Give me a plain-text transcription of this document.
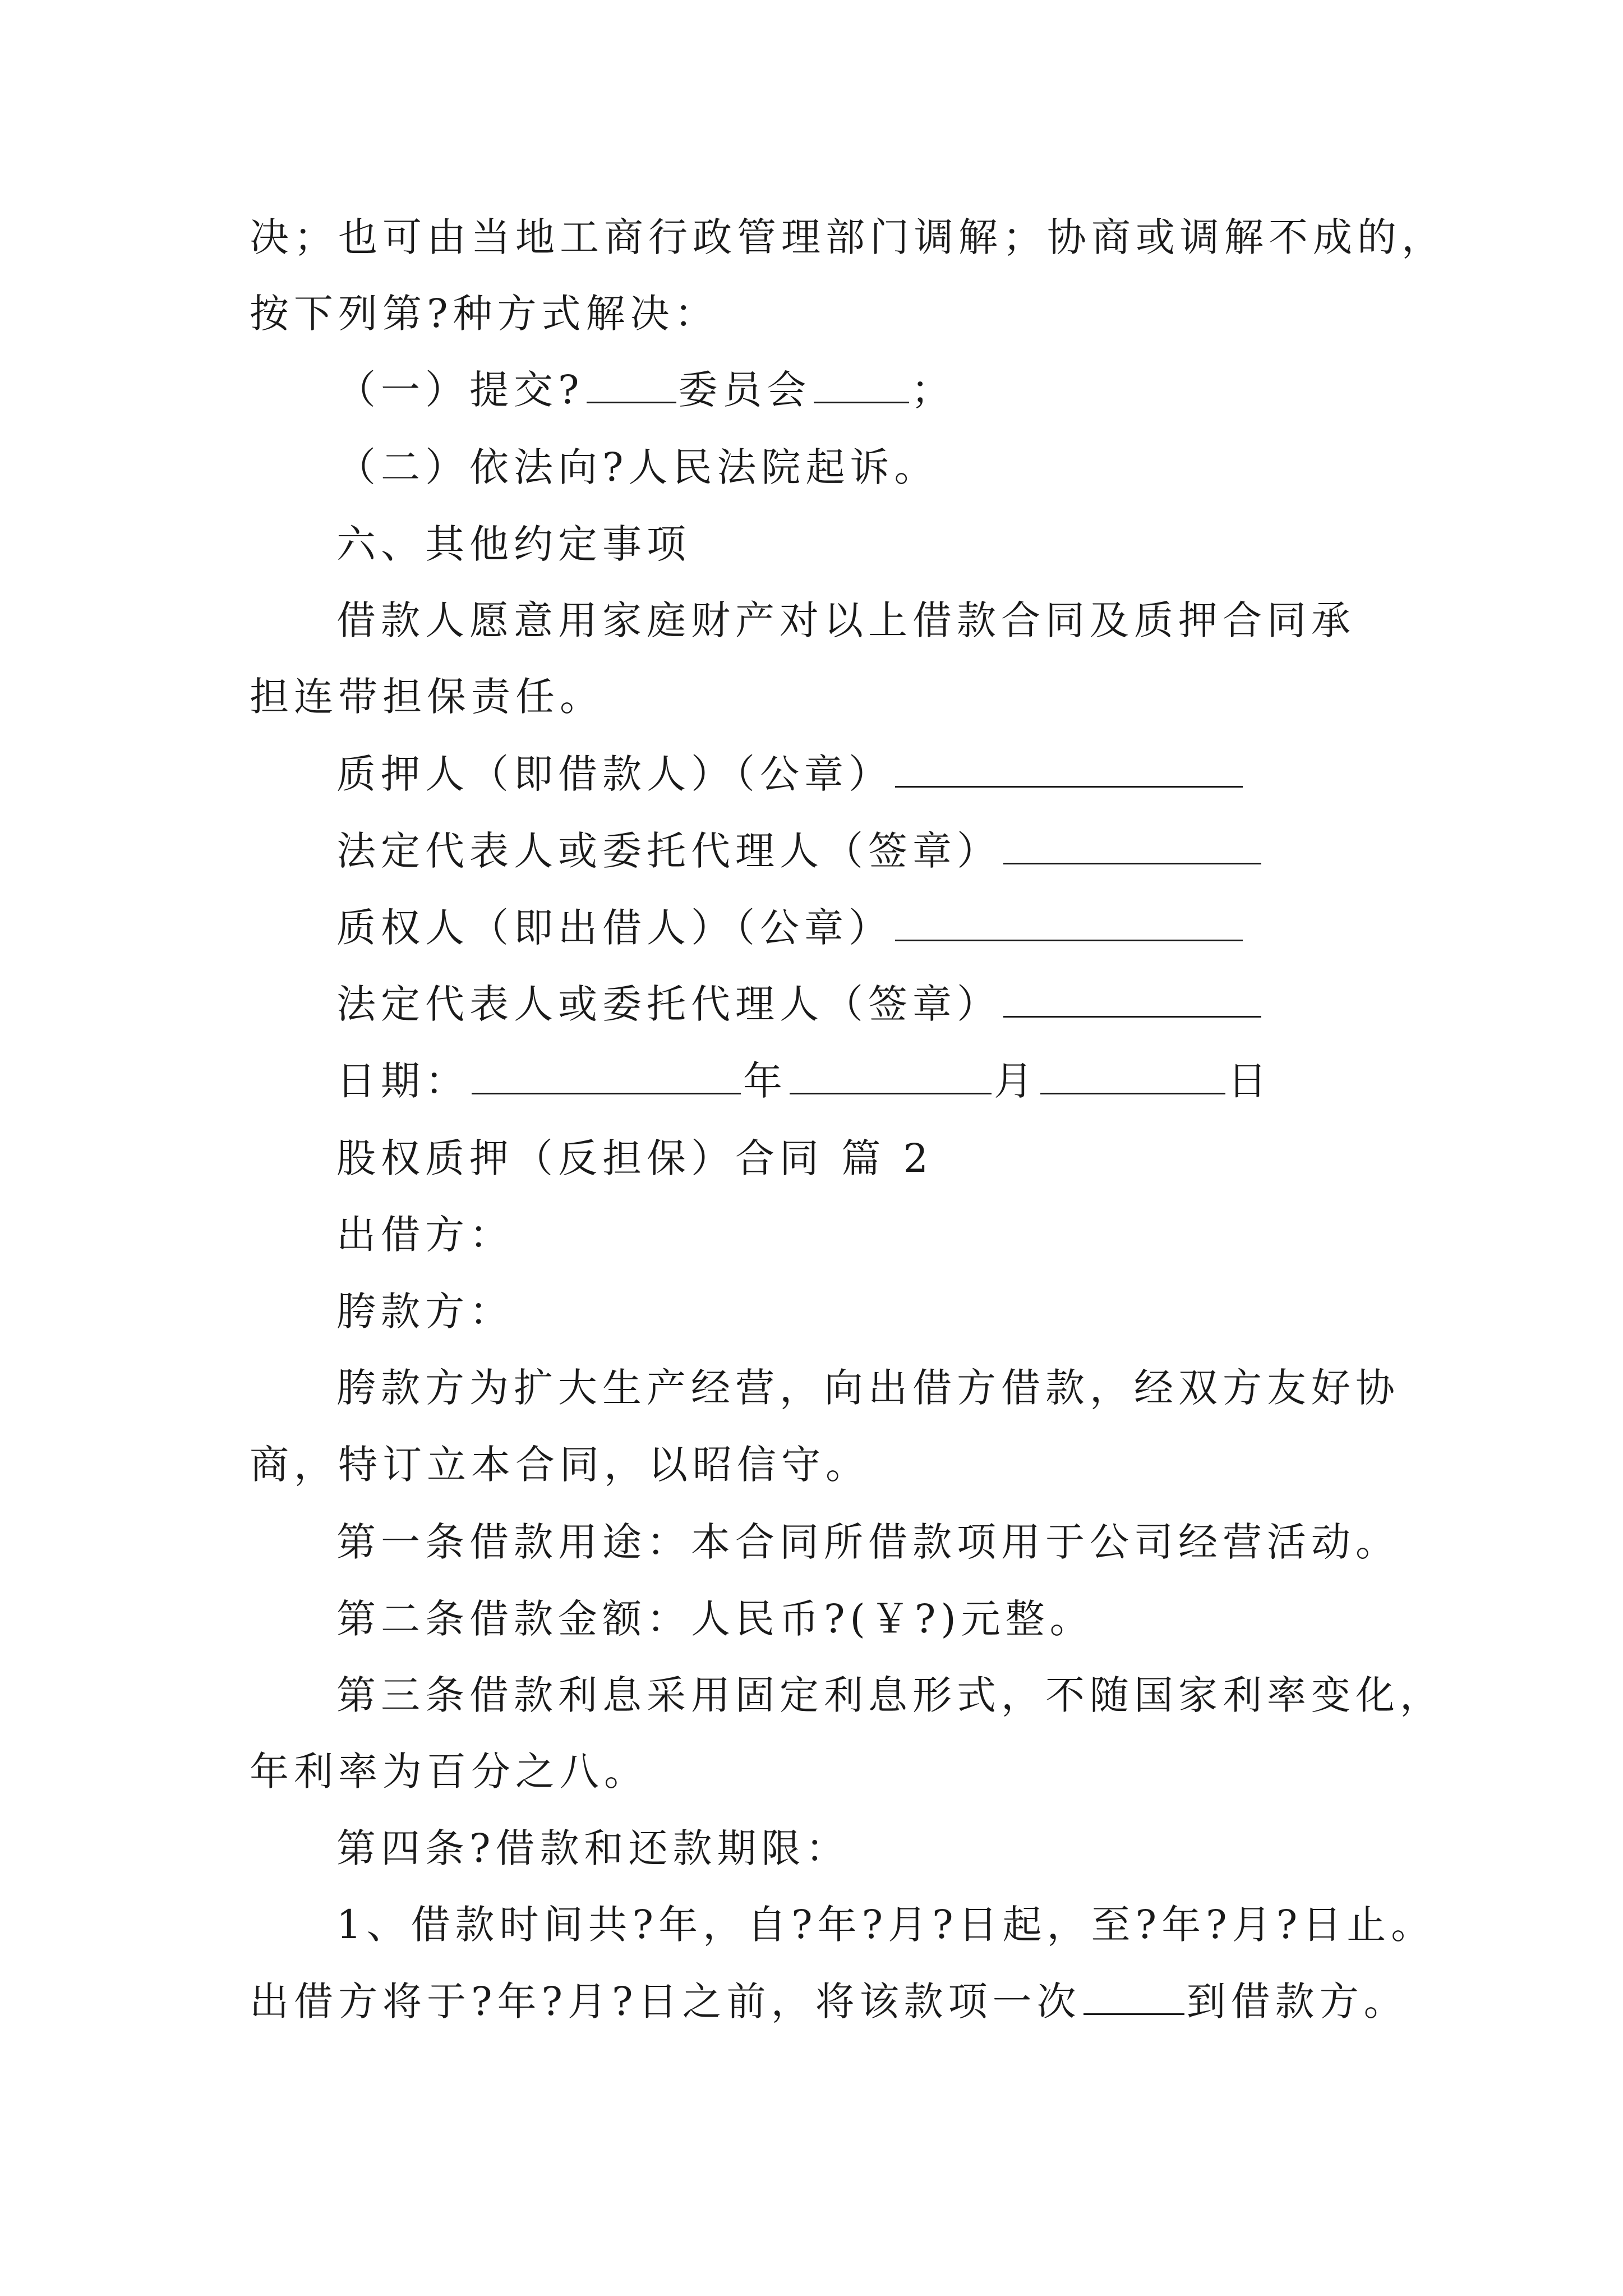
决；也可由当地工商行政管理部门调解；协商或调解不成的，
按下列第?种方式解决：
（一）提交? 委员会	；
（二）依法向?人民法院起诉。
六、其他约定事项
借款人愿意用家庭财产对以上借款合同及质押合同承
担连带担保责任。
质押人（即借款人）（公章）
法定代表人或委托代理人（签章）
质权人（即出借人）（公章）
法定代表人或委托代理人（签章）
日期：	年	月	日
股权质押（反担保）合同 篇 2
出借方：
胯款方：
胯款方为扩大生产经营，向出借方借款，经双方友好协
商，特订立本合同，以昭信守。
第一条借款用途：本合同所借款项用于公司经营活动。
第二条借款金额：人民币?(￥?)元整。
第三条借款利息采用固定利息形式，不随国家利率变化，
年利率为百分之八。
第四条?借款和还款期限：
1、借款时间共?年，自?年?月?日起，至?年?月?日止。
出借方将于?年?月?日之前，将该款项一次	到借款方。
